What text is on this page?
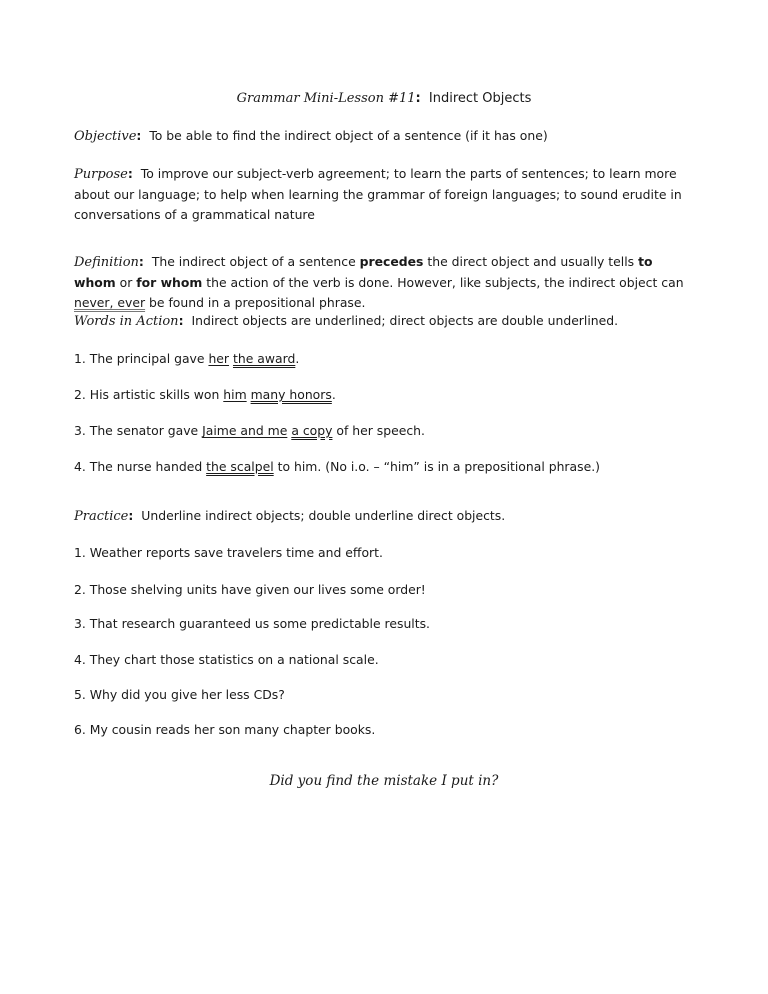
Grammar Mini-Lesson #11: Indirect Objects
Objective: To be able to find the indirect object of a sentence (if it has one)
Purpose: To improve our subject-verb agreement; to learn the parts of sentences; to learn more
about our language; to help when learning the grammar of foreign languages; to sound erudite in
conversations of a grammatical nature
Definition: The indirect object of a sentence precedes the direct object and usually tells to
whom or for whom the action of the verb is done. However, like subjects, the indirect object can
never, ever be found in a prepositional phrase.
Words in Action: Indirect objects are underlined; direct objects are double underlined.
1. The principal gave her the award.
2. His artistic skills won him many honors.
3. The senator gave Jaime and me a copy of her speech.
4. The nurse handed the scalpel to him. (No i.o. – “him” is in a prepositional phrase.)
Practice: Underline indirect objects; double underline direct objects.
1. Weather reports save travelers time and effort.
2. Those shelving units have given our lives some order!
3. That research guaranteed us some predictable results.
4. They chart those statistics on a national scale.
5. Why did you give her less CDs?
6. My cousin reads her son many chapter books.
Did you find the mistake I put in?
